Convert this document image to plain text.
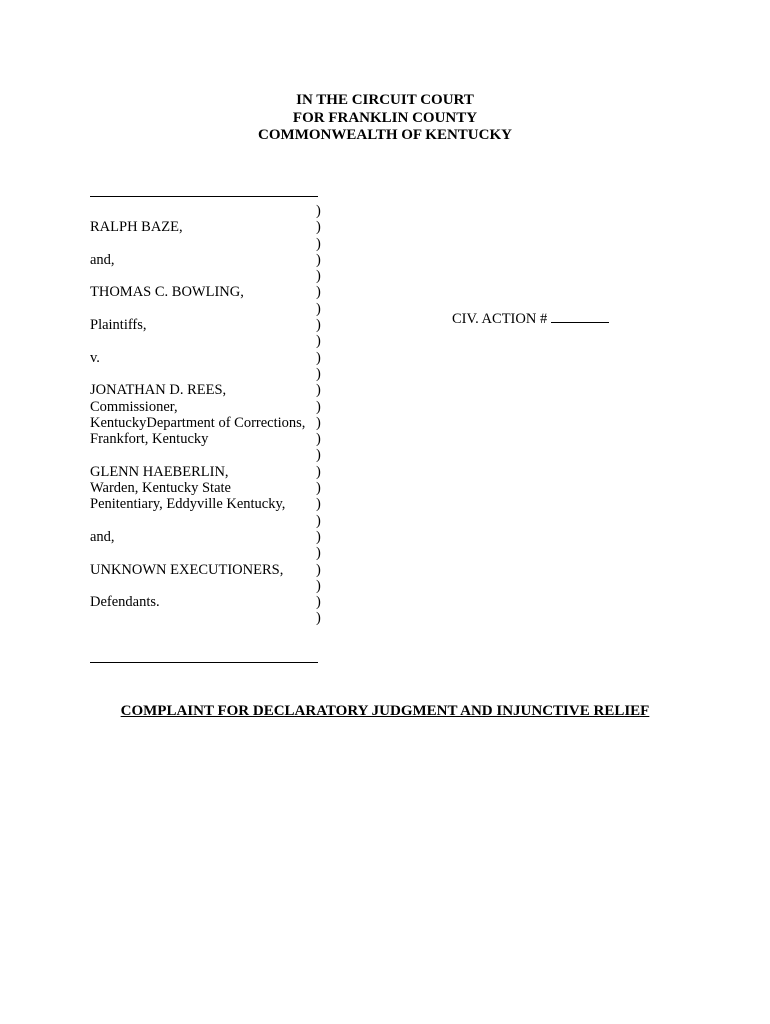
IN THE CIRCUIT COURT
FOR FRANKLIN COUNTY
COMMONWEALTH OF KENTUCKY
)
RALPH BAZE,	)
)
and,	)
)
THOMAS C. BOWLING,	)
)
Plaintiffs,	)
)
v.	)
)
JONATHAN D. REES,	)
Commissioner,	)
KentuckyDepartment of Corrections, )
Frankfort, Kentucky	)
)
GLENN HAEBERLIN,	)
Warden, Kentucky State	)
Penitentiary, Eddyville Kentucky, )
)
and,	)
)
UNKNOWN EXECUTIONERS, )
)
Defendants.	)
)
CIV. ACTION #
COMPLAINT FOR DECLARATORY JUDGMENT AND INJUNCTIVE RELIEF
